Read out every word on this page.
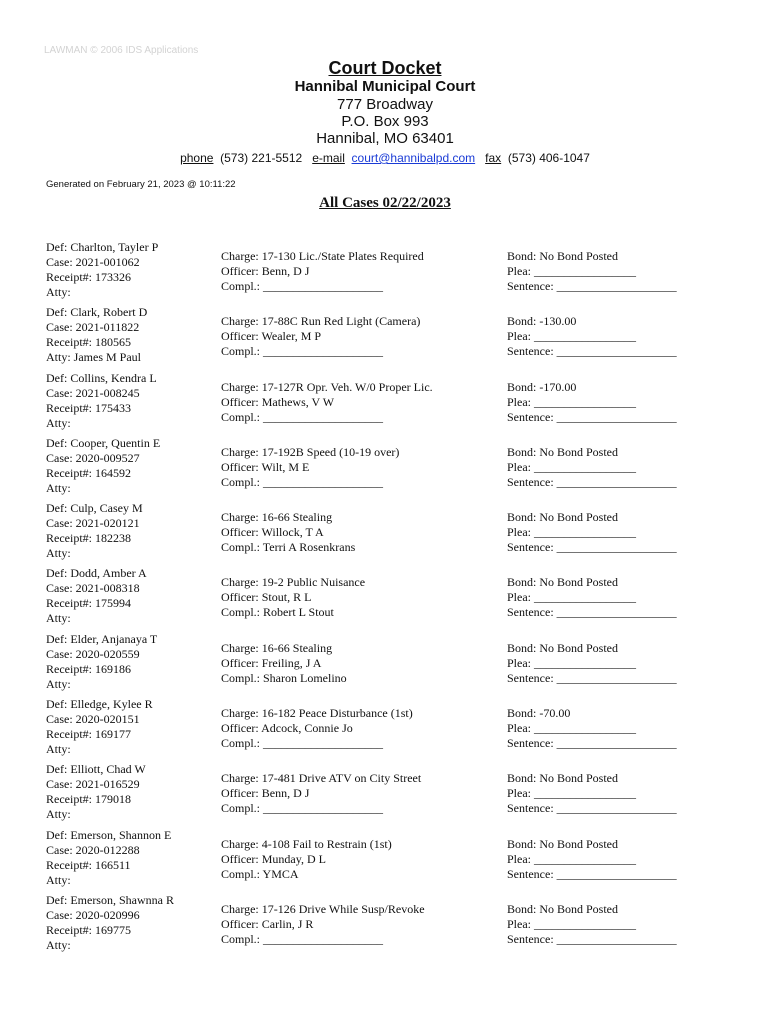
LAWMAN © 2006 IDS Applications
Court Docket
Hannibal Municipal Court
777 Broadway
P.O. Box 993
Hannibal, MO 63401
phone (573) 221-5512 e-mail court@hannibalpd.com fax (573) 406-1047
Generated on February 21, 2023 @ 10:11:22
All Cases 02/22/2023
Def: Charlton, Tayler P
Case: 2021-001062
Receipt#: 173326
Atty:
Charge: 17-130 Lic./State Plates Required
Officer: Benn, D J
Compl.: ____________________
Bond: No Bond Posted
Plea: _________________
Sentence: ____________________
Def: Clark, Robert D
Case: 2021-011822
Receipt#: 180565
Atty: James M Paul
Charge: 17-88C Run Red Light (Camera)
Officer: Wealer, M P
Compl.: ____________________
Bond: -130.00
Plea: _________________
Sentence: ____________________
Def: Collins, Kendra L
Case: 2021-008245
Receipt#: 175433
Atty:
Charge: 17-127R Opr. Veh. W/0 Proper Lic.
Officer: Mathews, V W
Compl.: ____________________
Bond: -170.00
Plea: _________________
Sentence: ____________________
Def: Cooper, Quentin E
Case: 2020-009527
Receipt#: 164592
Atty:
Charge: 17-192B Speed (10-19 over)
Officer: Wilt, M E
Compl.: ____________________
Bond: No Bond Posted
Plea: _________________
Sentence: ____________________
Def: Culp, Casey M
Case: 2021-020121
Receipt#: 182238
Atty:
Charge: 16-66 Stealing
Officer: Willock, T A
Compl.: Terri A Rosenkrans
Bond: No Bond Posted
Plea: _________________
Sentence: ____________________
Def: Dodd, Amber A
Case: 2021-008318
Receipt#: 175994
Atty:
Charge: 19-2 Public Nuisance
Officer: Stout, R L
Compl.: Robert L Stout
Bond: No Bond Posted
Plea: _________________
Sentence: ____________________
Def: Elder, Anjanaya T
Case: 2020-020559
Receipt#: 169186
Atty:
Charge: 16-66 Stealing
Officer: Freiling, J A
Compl.: Sharon Lomelino
Bond: No Bond Posted
Plea: _________________
Sentence: ____________________
Def: Elledge, Kylee R
Case: 2020-020151
Receipt#: 169177
Atty:
Charge: 16-182 Peace Disturbance (1st)
Officer: Adcock, Connie Jo
Compl.: ____________________
Bond: -70.00
Plea: _________________
Sentence: ____________________
Def: Elliott, Chad W
Case: 2021-016529
Receipt#: 179018
Atty:
Charge: 17-481 Drive ATV on City Street
Officer: Benn, D J
Compl.: ____________________
Bond: No Bond Posted
Plea: _________________
Sentence: ____________________
Def: Emerson, Shannon E
Case: 2020-012288
Receipt#: 166511
Atty:
Charge: 4-108 Fail to Restrain (1st)
Officer: Munday, D L
Compl.: YMCA
Bond: No Bond Posted
Plea: _________________
Sentence: ____________________
Def: Emerson, Shawnna R
Case: 2020-020996
Receipt#: 169775
Atty:
Charge: 17-126 Drive While Susp/Revoke
Officer: Carlin, J R
Compl.: ____________________
Bond: No Bond Posted
Plea: _________________
Sentence: ____________________
